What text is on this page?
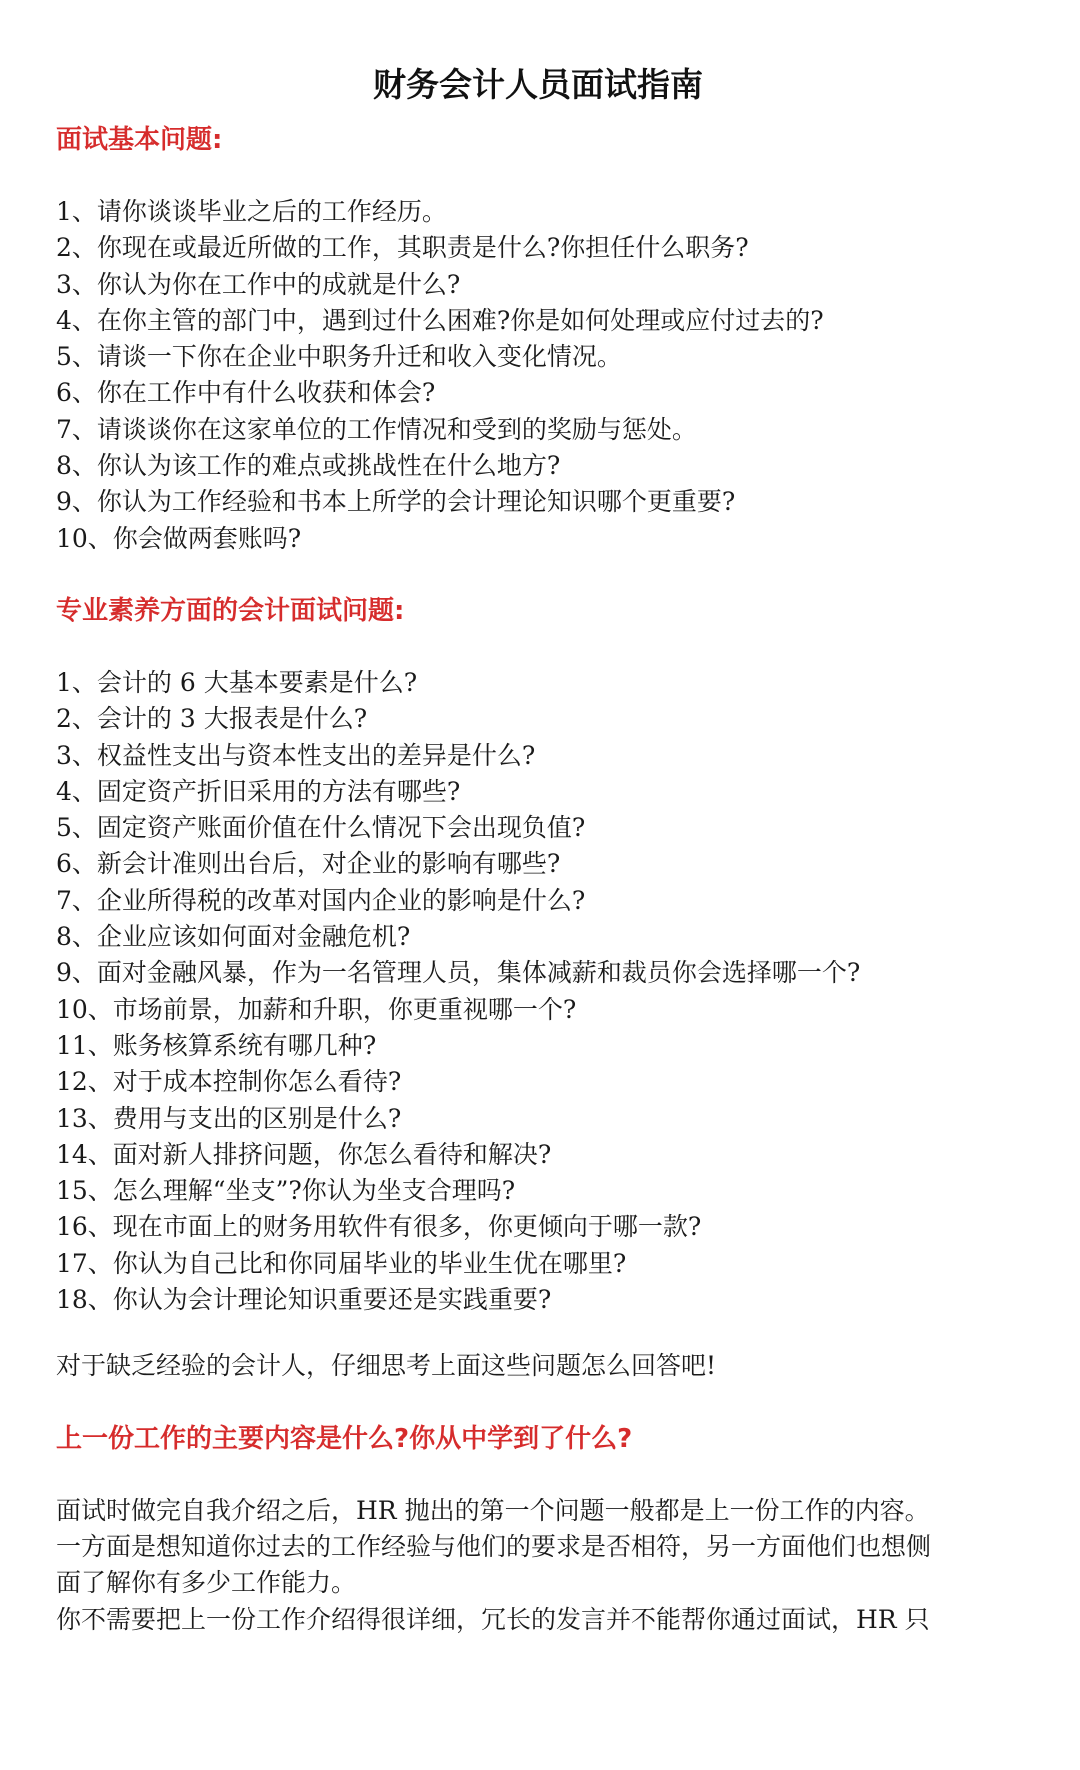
财务会计人员面试指南
面试基本问题:
1、请你谈谈毕业之后的工作经历。
2、你现在或最近所做的工作，其职责是什么?你担任什么职务?
3、你认为你在工作中的成就是什么?
4、在你主管的部门中，遇到过什么困难?你是如何处理或应付过去的?
5、请谈一下你在企业中职务升迁和收入变化情况。
6、你在工作中有什么收获和体会?
7、请谈谈你在这家单位的工作情况和受到的奖励与惩处。
8、你认为该工作的难点或挑战性在什么地方?
9、你认为工作经验和书本上所学的会计理论知识哪个更重要?
10、你会做两套账吗?
专业素养方面的会计面试问题:
1、会计的 6 大基本要素是什么?
2、会计的 3 大报表是什么?
3、权益性支出与资本性支出的差异是什么?
4、固定资产折旧采用的方法有哪些?
5、固定资产账面价值在什么情况下会出现负值?
6、新会计准则出台后，对企业的影响有哪些?
7、企业所得税的改革对国内企业的影响是什么?
8、企业应该如何面对金融危机?
9、面对金融风暴，作为一名管理人员，集体减薪和裁员你会选择哪一个?
10、市场前景，加薪和升职，你更重视哪一个?
11、账务核算系统有哪几种?
12、对于成本控制你怎么看待?
13、费用与支出的区别是什么?
14、面对新人排挤问题，你怎么看待和解决?
15、怎么理解“坐支”?你认为坐支合理吗?
16、现在市面上的财务用软件有很多，你更倾向于哪一款?
17、你认为自己比和你同届毕业的毕业生优在哪里?
18、你认为会计理论知识重要还是实践重要?

对于缺乏经验的会计人，仔细思考上面这些问题怎么回答吧!

上一份工作的主要内容是什么?你从中学到了什么?

面试时做完自我介绍之后，HR 抛出的第一个问题一般都是上一份工作的内容。

一方面是想知道你过去的工作经验与他们的要求是否相符，另一方面他们也想侧

面了解你有多少工作能力。

你不需要把上一份工作介绍得很详细，冗长的发言并不能帮你通过面试，HR 只
